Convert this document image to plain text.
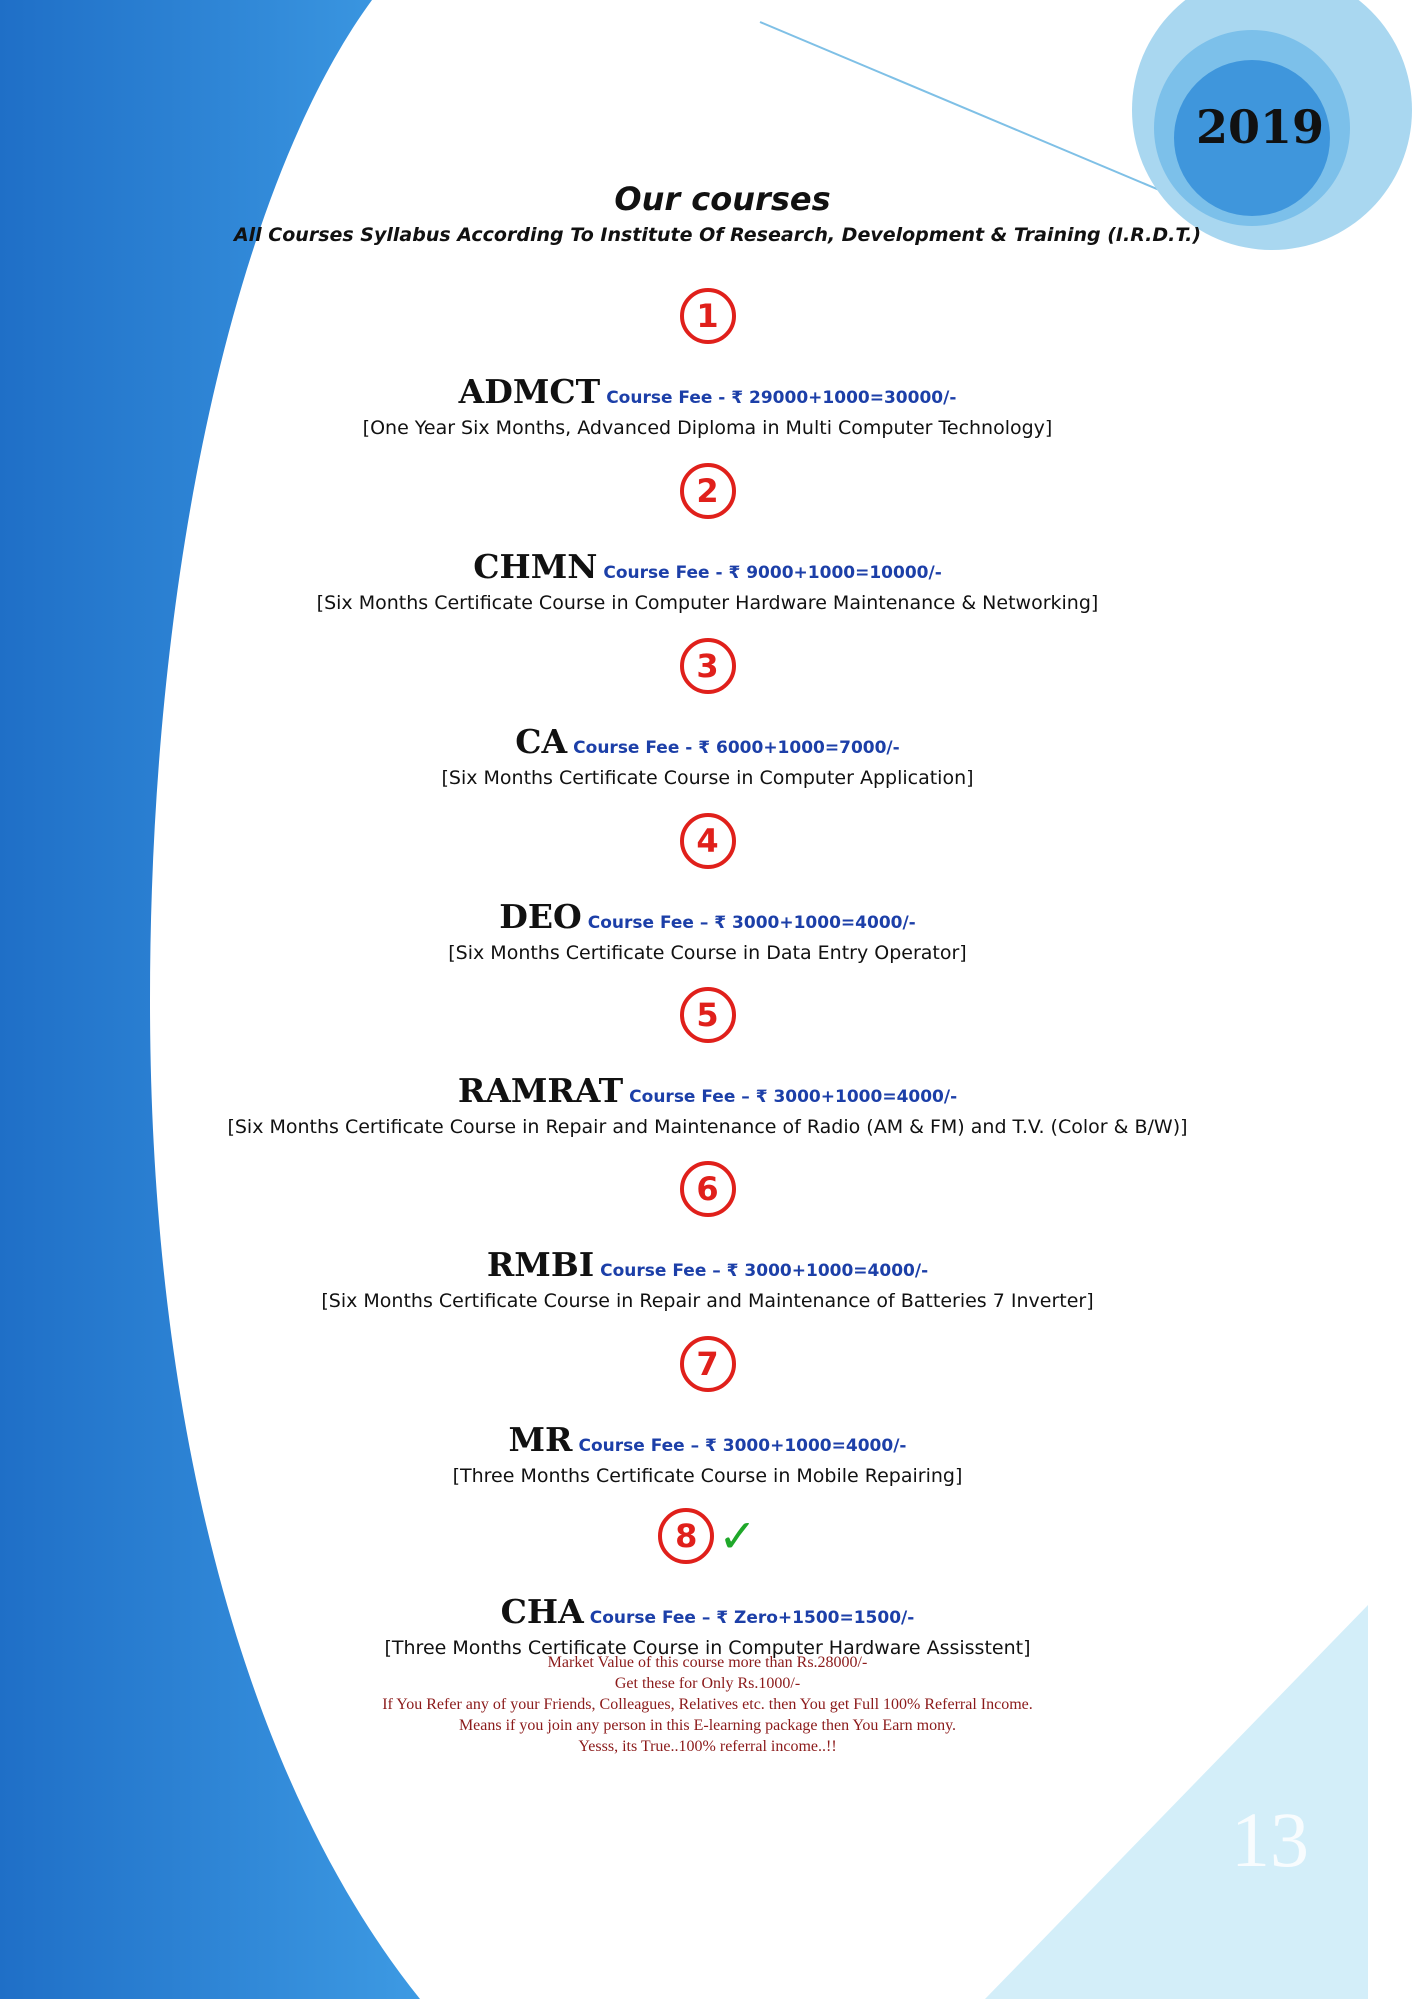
2019
13
Our courses
All Courses Syllabus According To Institute Of Research, Development & Training (I.R.D.T.)
1
ADMCT Course Fee - ₹ 29000+1000=30000/-
[One Year Six Months, Advanced Diploma in Multi Computer Technology]
2
CHMN Course Fee - ₹ 9000+1000=10000/-
[Six Months Certificate Course in Computer Hardware Maintenance & Networking]
3
CA Course Fee - ₹ 6000+1000=7000/-
[Six Months Certificate Course in Computer Application]
4
DEO Course Fee – ₹ 3000+1000=4000/-
[Six Months Certificate Course in Data Entry Operator]
5
RAMRAT Course Fee – ₹ 3000+1000=4000/-
[Six Months Certificate Course in Repair and Maintenance of Radio (AM & FM) and T.V. (Color & B/W)]
6
RMBI Course Fee – ₹ 3000+1000=4000/-
[Six Months Certificate Course in Repair and Maintenance of Batteries 7 Inverter]
7
MR Course Fee – ₹ 3000+1000=4000/-
[Three Months Certificate Course in Mobile Repairing]
8 ✓
CHA Course Fee – ₹ Zero+1500=1500/-
[Three Months Certificate Course in Computer Hardware Assisstent]
Market Value of this course more than Rs.28000/-
Get these for Only Rs.1000/-
If You Refer any of your Friends, Colleagues, Relatives etc. then You get Full 100% Referral Income.
Means if you join any person in this E-learning package then You Earn mony.
Yesss, its True..100% referral income..!!
